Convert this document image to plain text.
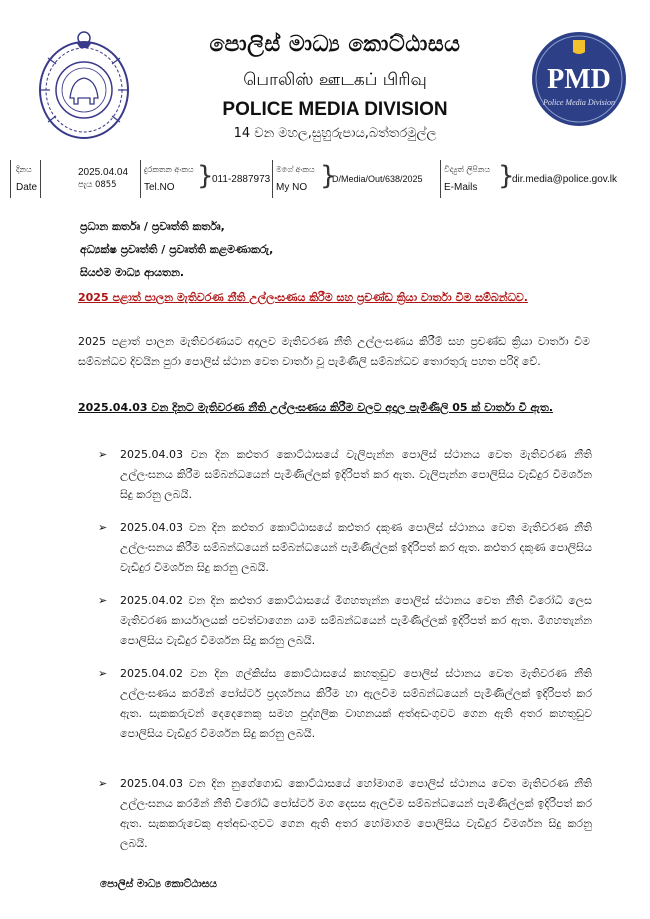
පොලිස් මාධ්‍ය කොට්ඨාසය
பொலிஸ் ஊடகப் பிரிவு
POLICE MEDIA DIVISION
14 වන මහල,සුහුරුපාය,බත්තරමුල්ල
PMD
Police Media Division
දිනය
Date
2025.04.04
පැය 0855
දුරකතන අංකය
Tel.NO }
011-2887973
මගේ අංකය
My NO }
D/Media/Out/638/2025
විද්‍යුත් ලිපිනය
E-Mails }
dir.media@police.gov.lk
ප්‍රධාන කර්තෘ / ප්‍රවෘත්ති කර්තෘ,
අධ්‍යක්ෂ ප්‍රවෘත්ති / ප්‍රවෘත්ති කළමණාකරු,
සියළුම මාධ්‍ය ආයතන.
2025 පළාත් පාලන මැතිවරණ නීති උල්ලංඝණය කිරීම සහ ප්‍රචණ්ඩ ක්‍රියා වාර්තා වීම සම්බන්ධව.
2025 පළාත් පාලන මැතිවරණයට අදාලව මැතිවරණ නීති උල්ලංඝණය කිරීම් සහ ප්‍රචණ්ඩ ක්‍රියා වාර්තා වීම සම්බන්ධව දිවයින පුරා පොලිස් ස්ථාන වෙත වාර්තා වූ පැමිණිලි සම්බන්ධව තොරතුරු පහත පරිදි වේ.
2025.04.03 වන දිනට මැතිවරණ නීති උල්ලංඝණය කිරීම වලට අදාල පැමිණිලි 05 ක් වාර්තා වී ඇත.
➢ 2025.04.03 වන දින කළුතර කොට්ඨාසයේ වැලිපැන්න පොලිස් ස්ථානය වෙත මැතිවරණ නීති උල්ලංඝනය කිරීම සම්බන්ධයෙන් පැමිණිල්ලක් ඉදිරිපත් කර ඇත. වැලිපැන්න පොලිසිය වැඩිදුර විමර්ශන සිදු කරනු ලබයි.
➢ 2025.04.03 වන දින කළුතර කොට්ඨාසයේ කළුතර දකුණ පොලිස් ස්ථානය වෙත මැතිවරණ නීති උල්ලංඝනය කිරීම සම්බන්ධයෙන් සම්බන්ධයෙන් පැමිණිල්ලක් ඉදිරිපත් කර ඇත. කළුතර දකුණ පොලිසිය වැඩිදුර විමර්ශන සිදු කරනු ලබයි.
➢ 2025.04.02 වන දින කළුතර කොට්ඨාසයේ මීගහතැන්න පොලිස් ස්ථානය වෙත නීති විරෝධි ලෙස මැතිවරණ කාර්යාලයක් පවත්වාගෙන යාම සම්බන්ධයෙන් පැමිණිල්ලක් ඉදිරිපත් කර ඇත. මීගහතැන්න පොලිසිය වැඩිදුර විමර්ශන සිදු කරනු ලබයි.
➢ 2025.04.02 වන දින ගල්කිස්ස කොට්ඨාසයේ කහතුඩුව පොලිස් ස්ථානය වෙත මැතිවරණ නීති උල්ලංඝණය කරමින් පෝස්ටර් ප්‍රදර්ශනය කිරීම හා ඇලවීම සම්බන්ධයෙන් පැමිණිල්ලක් ඉදිරිපත් කර ඇත. සැකකරුවන් දෙදෙනෙකු සමහ පුද්ගලික වාහනයක් අත්අඩංගුවට ගෙන ඇති අතර කහතුඩුව පොලිසිය වැඩිදුර විමර්ශන සිදු කරනු ලබයි.
➢ 2025.04.03 වන දින නුගේගොඩ කොට්ඨාසයේ හෝමාගම පොලිස් ස්ථානය වෙත මැතිවරණ නීති උල්ලංඝනය කරමින් නීති විරෝධි පෝස්ටර් මග දෙසස ඇලවීම සම්බන්ධයෙන් පැමිණිල්ලක් ඉදිරිපත් කර ඇත. සැකකරුවෙකු අත්අඩංගුවට ගෙන ඇති අතර හෝමාගම පොලිසිය වැඩිදුර විමර්ශන සිදු කරනු ලබයි.
පොලිස් මාධ්‍ය කොට්ඨාසය
